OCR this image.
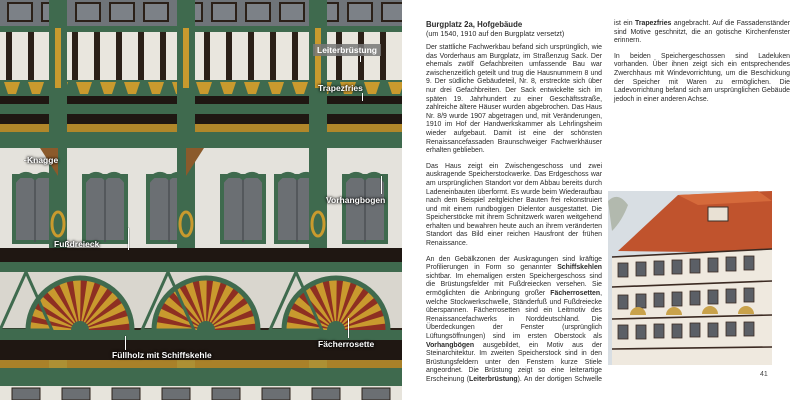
Leiterbrüstung
Trapezfries
Knagge
Vorhangbogen
Fußdreieck
Fächerrosette
Füllholz mit Schiffskehle
Burgplatz 2a, Hofgebäude
(um 1540, 1910 auf den Burgplatz versetzt)

Der stattliche Fachwerkbau befand sich ursprünglich, wie das Vorderhaus am Burgplatz, im Straßenzug Sack. Der ehemals zwölf Gefachbreiten umfassende Bau war zwischenzeitlich geteilt und trug die Hausnummern 8 und 9. Der südliche Gebäudeteil, Nr. 8, erstreckte sich über nur drei Gefachbreiten. Der Sack entwickelte sich im späten 19. Jahrhundert zu einer Geschäftsstraße, zahlreiche ältere Häuser wurden abgebrochen. Das Haus Nr. 8/9 wurde 1907 abgetragen und, mit Veränderungen, 1910 im Hof der Handwerkskammer als Lehrlingsheim wieder aufgebaut. Damit ist eine der schönsten Renaissancefassaden Braunschweiger Fachwerkhäuser erhalten geblieben.

Das Haus zeigt ein Zwischengeschoss und zwei auskragende Speicherstockwerke. Das Erdgeschoss war am ursprünglichen Standort vor dem Abbau bereits durch Ladeneinbauten überformt. Es wurde beim Wiederaufbau nach dem Beispiel zeitgleicher Bauten frei rekonstruiert und mit einem rundbogigen Dielentor ausgestattet. Die Speicherstöcke mit ihrem Schnitzwerk waren weitgehend erhalten und bewahren heute auch an ihrem veränderten Standort das Bild einer reichen Hausfront der frühen Renaissance.

An den Gebälkzonen der Auskragungen sind kräftige Profilierungen in Form so genannter Schiffskehlen sichtbar. Im ehemaligen ersten Speichergeschoss sind die Brüstungsfelder mit Fußdreiecken versehen. Sie ermöglichten die Anbringung großer Fächerrosetten, welche Stockwerkschwelle, Ständerfuß und Fußdreiecke überspannen. Fächerrosetten sind ein Leitmotiv des Renaissancefachwerks in Norddeutschland. Die Überdeckungen der Fenster (ursprünglich Lüftungsöffnungen) sind im ersten Oberstock als Vorhangbögen ausgebildet, ein Motiv aus der Steinarchitektur. Im zweiten Speicherstock sind in den Brüstungsfeldern unter den Fenstern kurze Stiele angeordnet. Die Brüstung zeigt so eine leiterartige Erscheinung (Leiterbrüstung). An der dortigen Schwelle ist ein Trapezfries angebracht. Auf die Fassadenständer sind Motive geschnitzt, die an gotische Kirchenfenster erinnern.

In beiden Speichergeschossen sind Ladeluken vorhanden. Über ihnen zeigt sich ein entsprechendes Zwerchhaus mit Windevorrichtung, um die Beschickung der Speicher mit Waren zu ermöglichen. Die Ladevorrichtung befand sich am ursprünglichen Gebäude jedoch in einer anderen Achse.

41
